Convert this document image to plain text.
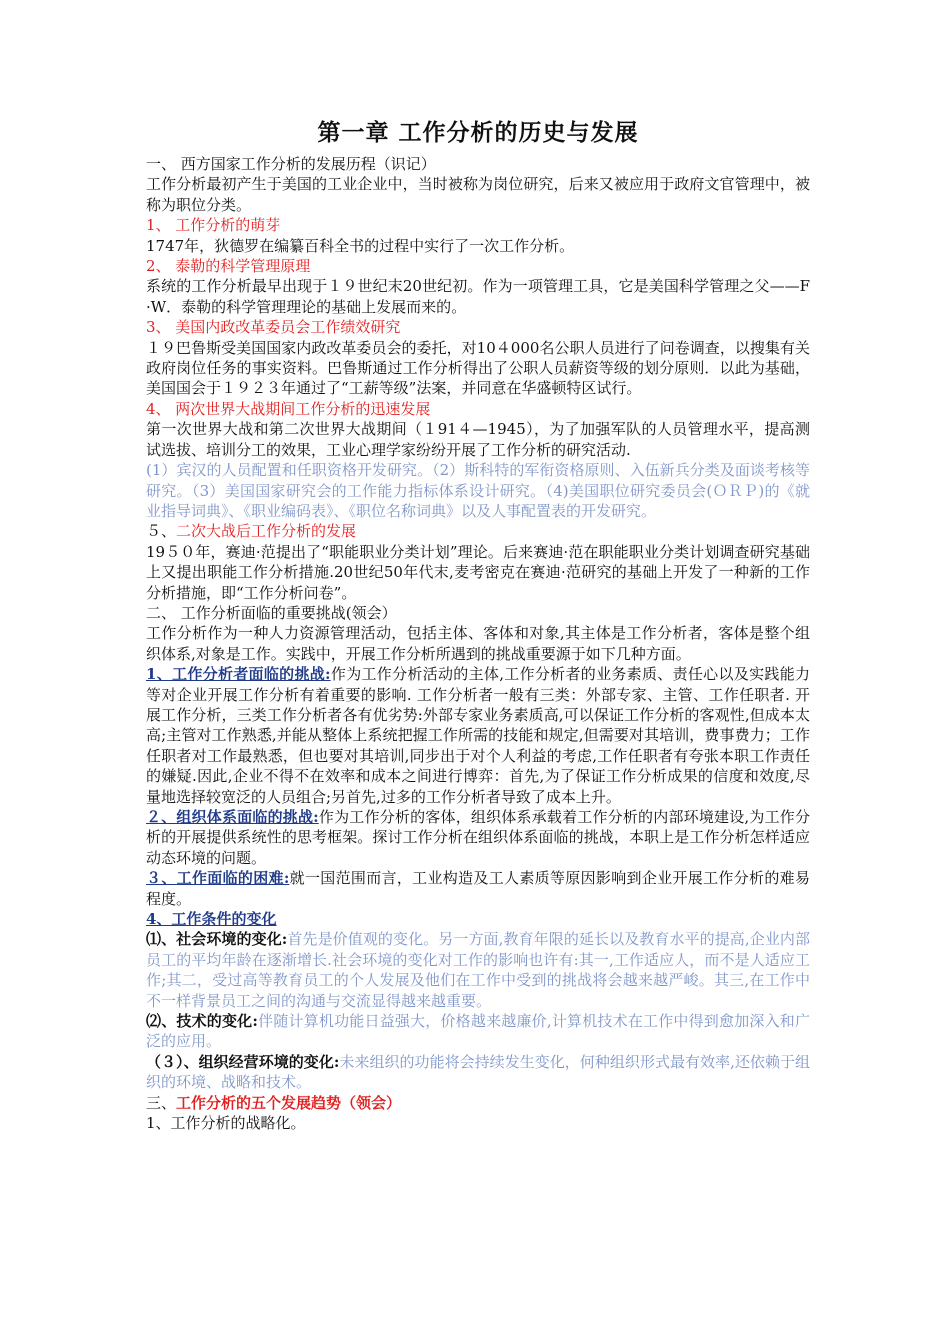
第一章 工作分析的历史与发展

一、 西方国家工作分析的发展历程（识记）

工作分析最初产生于美国的工业企业中，当时被称为岗位研究，后来又被应用于政府文官管理中，被称为职位分类。

1、 工作分析的萌芽

1747年，狄德罗在编纂百科全书的过程中实行了一次工作分析。

2、 泰勒的科学管理原理

系统的工作分析最早出现于１９世纪末20世纪初。作为一项管理工具，它是美国科学管理之父——F·W．泰勒的科学管理理论的基础上发展而来的。

3、 美国内政改革委员会工作绩效研究

１９巴鲁斯受美国国家内政改革委员会的委托，对10４000名公职人员进行了问卷调查，以搜集有关政府岗位任务的事实资料。巴鲁斯通过工作分析得出了公职人员薪资等级的划分原则．以此为基础，美国国会于１９２３年通过了“工薪等级”法案，并同意在华盛顿特区试行。

4、 两次世界大战期间工作分析的迅速发展

第一次世界大战和第二次世界大战期间（１91４—1945），为了加强军队的人员管理水平，提高测试选拔、培训分工的效果，工业心理学家纷纷开展了工作分析的研究活动.

(1）宾汉的人员配置和任职资格开发研究。（2）斯科特的军衔资格原则、入伍新兵分类及面谈考核等研究。（3）美国国家研究会的工作能力指标体系设计研究。（4)美国职位研究委员会(ＯＲＰ)的《就业指导词典》、《职业编码表》、《职位名称词典》以及人事配置表的开发研究。

５、二次大战后工作分析的发展

19５０年，赛迪·范提出了“职能职业分类计划”理论。后来赛迪·范在职能职业分类计划调查研究基础上又提出职能工作分析措施.20世纪50年代末,麦考密克在赛迪·范研究的基础上开发了一种新的工作分析措施，即“工作分析问卷”。

二、 工作分析面临的重要挑战(领会）

工作分析作为一种人力资源管理活动，包括主体、客体和对象,其主体是工作分析者，客体是整个组织体系,对象是工作。实践中，开展工作分析所遇到的挑战重要源于如下几种方面。

1、工作分析者面临的挑战:作为工作分析活动的主体,工作分析者的业务素质、责任心以及实践能力等对企业开展工作分析有着重要的影响. 工作分析者一般有三类：外部专家、主管、工作任职者. 开展工作分析，三类工作分析者各有优劣势:外部专家业务素质高,可以保证工作分析的客观性,但成本太高;主管对工作熟悉,并能从整体上系统把握工作所需的技能和规定,但需要对其培训，费事费力；工作任职者对工作最熟悉，但也要对其培训,同步出于对个人利益的考虑,工作任职者有夸张本职工作责任的嫌疑.因此,企业不得不在效率和成本之间进行博弈：首先,为了保证工作分析成果的信度和效度,尽量地选择较宽泛的人员组合;另首先,过多的工作分析者导致了成本上升。

２、组织体系面临的挑战:作为工作分析的客体，组织体系承载着工作分析的内部环境建设,为工作分析的开展提供系统性的思考框架。探讨工作分析在组织体系面临的挑战，本职上是工作分析怎样适应动态环境的问题。

３、工作面临的困难:就一国范围而言，工业构造及工人素质等原因影响到企业开展工作分析的难易程度。

4、工作条件的变化

⑴、社会环境的变化:首先是价值观的变化。另一方面,教育年限的延长以及教育水平的提高,企业内部员工的平均年龄在逐渐增长.社会环境的变化对工作的影响也许有:其一,工作适应人，而不是人适应工作;其二，受过高等教育员工的个人发展及他们在工作中受到的挑战将会越来越严峻。其三,在工作中不一样背景员工之间的沟通与交流显得越来越重要。

⑵、技术的变化:伴随计算机功能日益强大，价格越来越廉价,计算机技术在工作中得到愈加深入和广泛的应用。

（３）、组织经营环境的变化:未来组织的功能将会持续发生变化，何种组织形式最有效率,还依赖于组织的环境、战略和技术。

三、工作分析的五个发展趋势（领会）

1、工作分析的战略化。
